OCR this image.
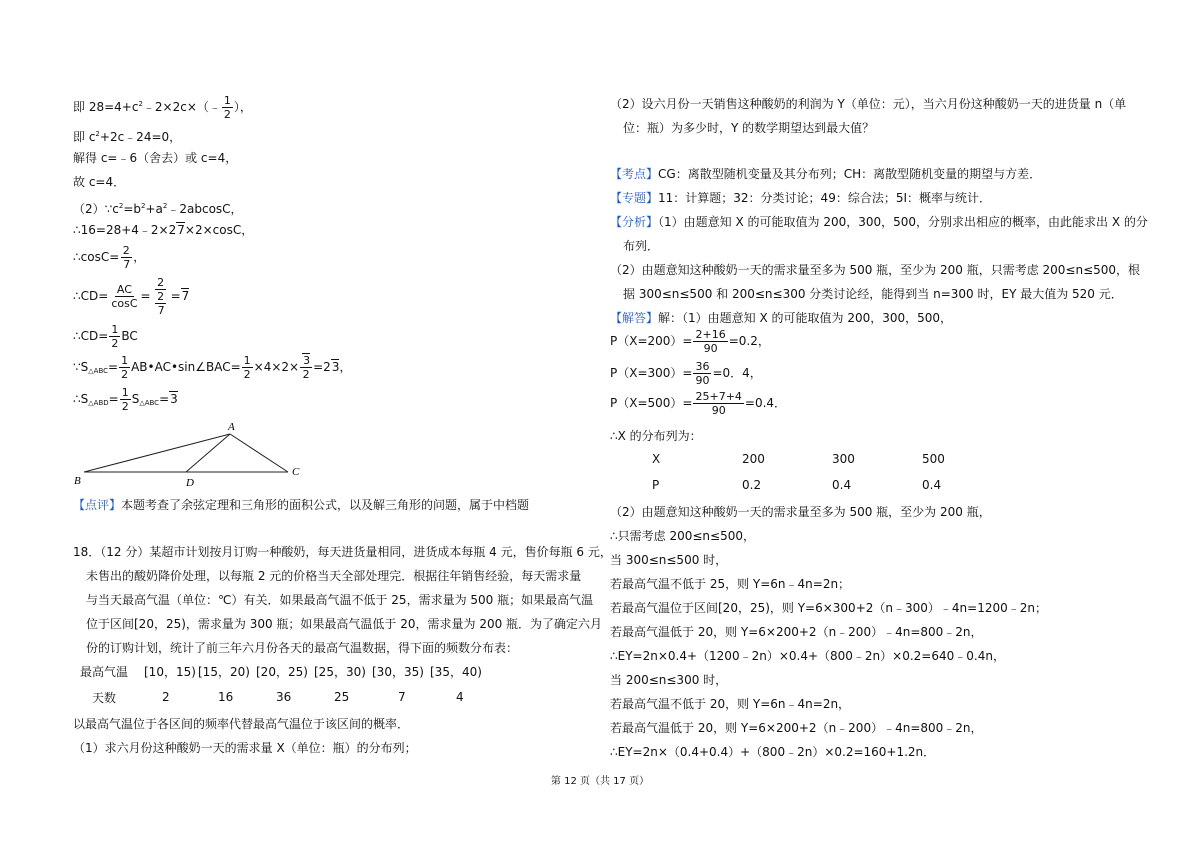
即 $28=4+c^2﹣2\times 2c\times(﹣ \frac{1}{2}$ ），
即 $c^2+2c﹣24=0$，
解得 c=﹣6（舍去）或 c=4，
故 c=4．
$(2)\because c^2=b^2+a^2﹣2abcosC$，
∴16=28+4﹣2×27×2×cosC，
∴cosC= $\frac{2}{7}$ ，
∴CD= $\frac{AC}{\cos C} = \frac{2}{\frac{2}{7}} =7$
∴CD= $\frac{1}{2}$ BC
$\because S_{\triangle ABC}= \frac{1}{2}$ AB•AC•sin∠BAC= $\frac{1}{2} \times 4\times 2\times \frac{3}{2} =23$，
$\therefore S_{\triangle ABD}= \frac{1}{2} S_{\triangle ABC}=3$
A
B
C
D
【点评】本题考查了余弦定理和三角形的面积公式，以及解三角形的问题，属于中档题
18．（12 分）某超市计划按月订购一种酸奶，每天进货量相同，进货成本每瓶 4 元，售价每瓶 6 元，
未售出的酸奶降价处理，以每瓶 2 元的价格当天全部处理完．根据往年销售经验，每天需求量
与当天最高气温（单位：℃）有关．如果最高气温不低于 25，需求量为 500 瓶；如果最高气温
位于区间[20，25)，需求量为 300 瓶；如果最高气温低于 20，需求量为 200 瓶．为了确定六月
份的订购计划，统计了前三年六月份各天的最高气温数据，得下面的频数分布表：
最高气温	[10，15)	[15，20)	[20，25)	[25，30)	[30，35)	[35，40)
天数	2	16	36	25	7	4
以最高气温位于各区间的频率代替最高气温位于该区间的概率．
（1）求六月份这种酸奶一天的需求量 X（单位：瓶）的分布列；
（2）设六月份一天销售这种酸奶的利润为 Y（单位：元），当六月份这种酸奶一天的进货量 n（单
位：瓶）为多少时，Y 的数学期望达到最大值？
【考点】CG：离散型随机变量及其分布列；CH：离散型随机变量的期望与方差．
【专题】11：计算题；32：分类讨论；49：综合法；5I：概率与统计．
【分析】（1）由题意知 X 的可能取值为 200，300，500，分别求出相应的概率，由此能求出 X 的分
布列．
（2）由题意知这种酸奶一天的需求量至多为 500 瓶，至少为 200 瓶，只需考虑 200≤n≤500，根
据 300≤n≤500 和 200≤n≤300 分类讨论经，能得到当 n=300 时，EY 最大值为 520 元．
【解答】解：（1）由题意知 X 的可能取值为 200，300，500，
$P(X=200)= \frac{2+16}{90} =0.2$，
$P(X=300)= \frac{36}{90} =0$．4，
$P(X=500)= \frac{25+7+4}{90} =0.4$．
∴X 的分布列为：
X	200	300	500
P	0.2	0.4	0.4
（2）由题意知这种酸奶一天的需求量至多为 500 瓶，至少为 200 瓶，
∴只需考虑 200≤n≤500，
当 300≤n≤500 时，
若最高气温不低于 25，则 Y=6n﹣4n=2n；
若最高气温位于区间[20，25)，则 Y=6×300+2（n﹣300）﹣4n=1200﹣2n；
若最高气温低于 20，则 Y=6×200+2（n﹣200）﹣4n=800﹣2n，
∴EY=2n×0.4+（1200﹣2n）×0.4+（800﹣2n）×0.2=640﹣0.4n，
当 200≤n≤300 时，
若最高气温不低于 20，则 Y=6n﹣4n=2n，
若最高气温低于 20，则 Y=6×200+2（n﹣200）﹣4n=800﹣2n，
∴EY=2n×（0.4+0.4）+（800﹣2n）×0.2=160+1.2n．
第 12 页（共 17 页）
